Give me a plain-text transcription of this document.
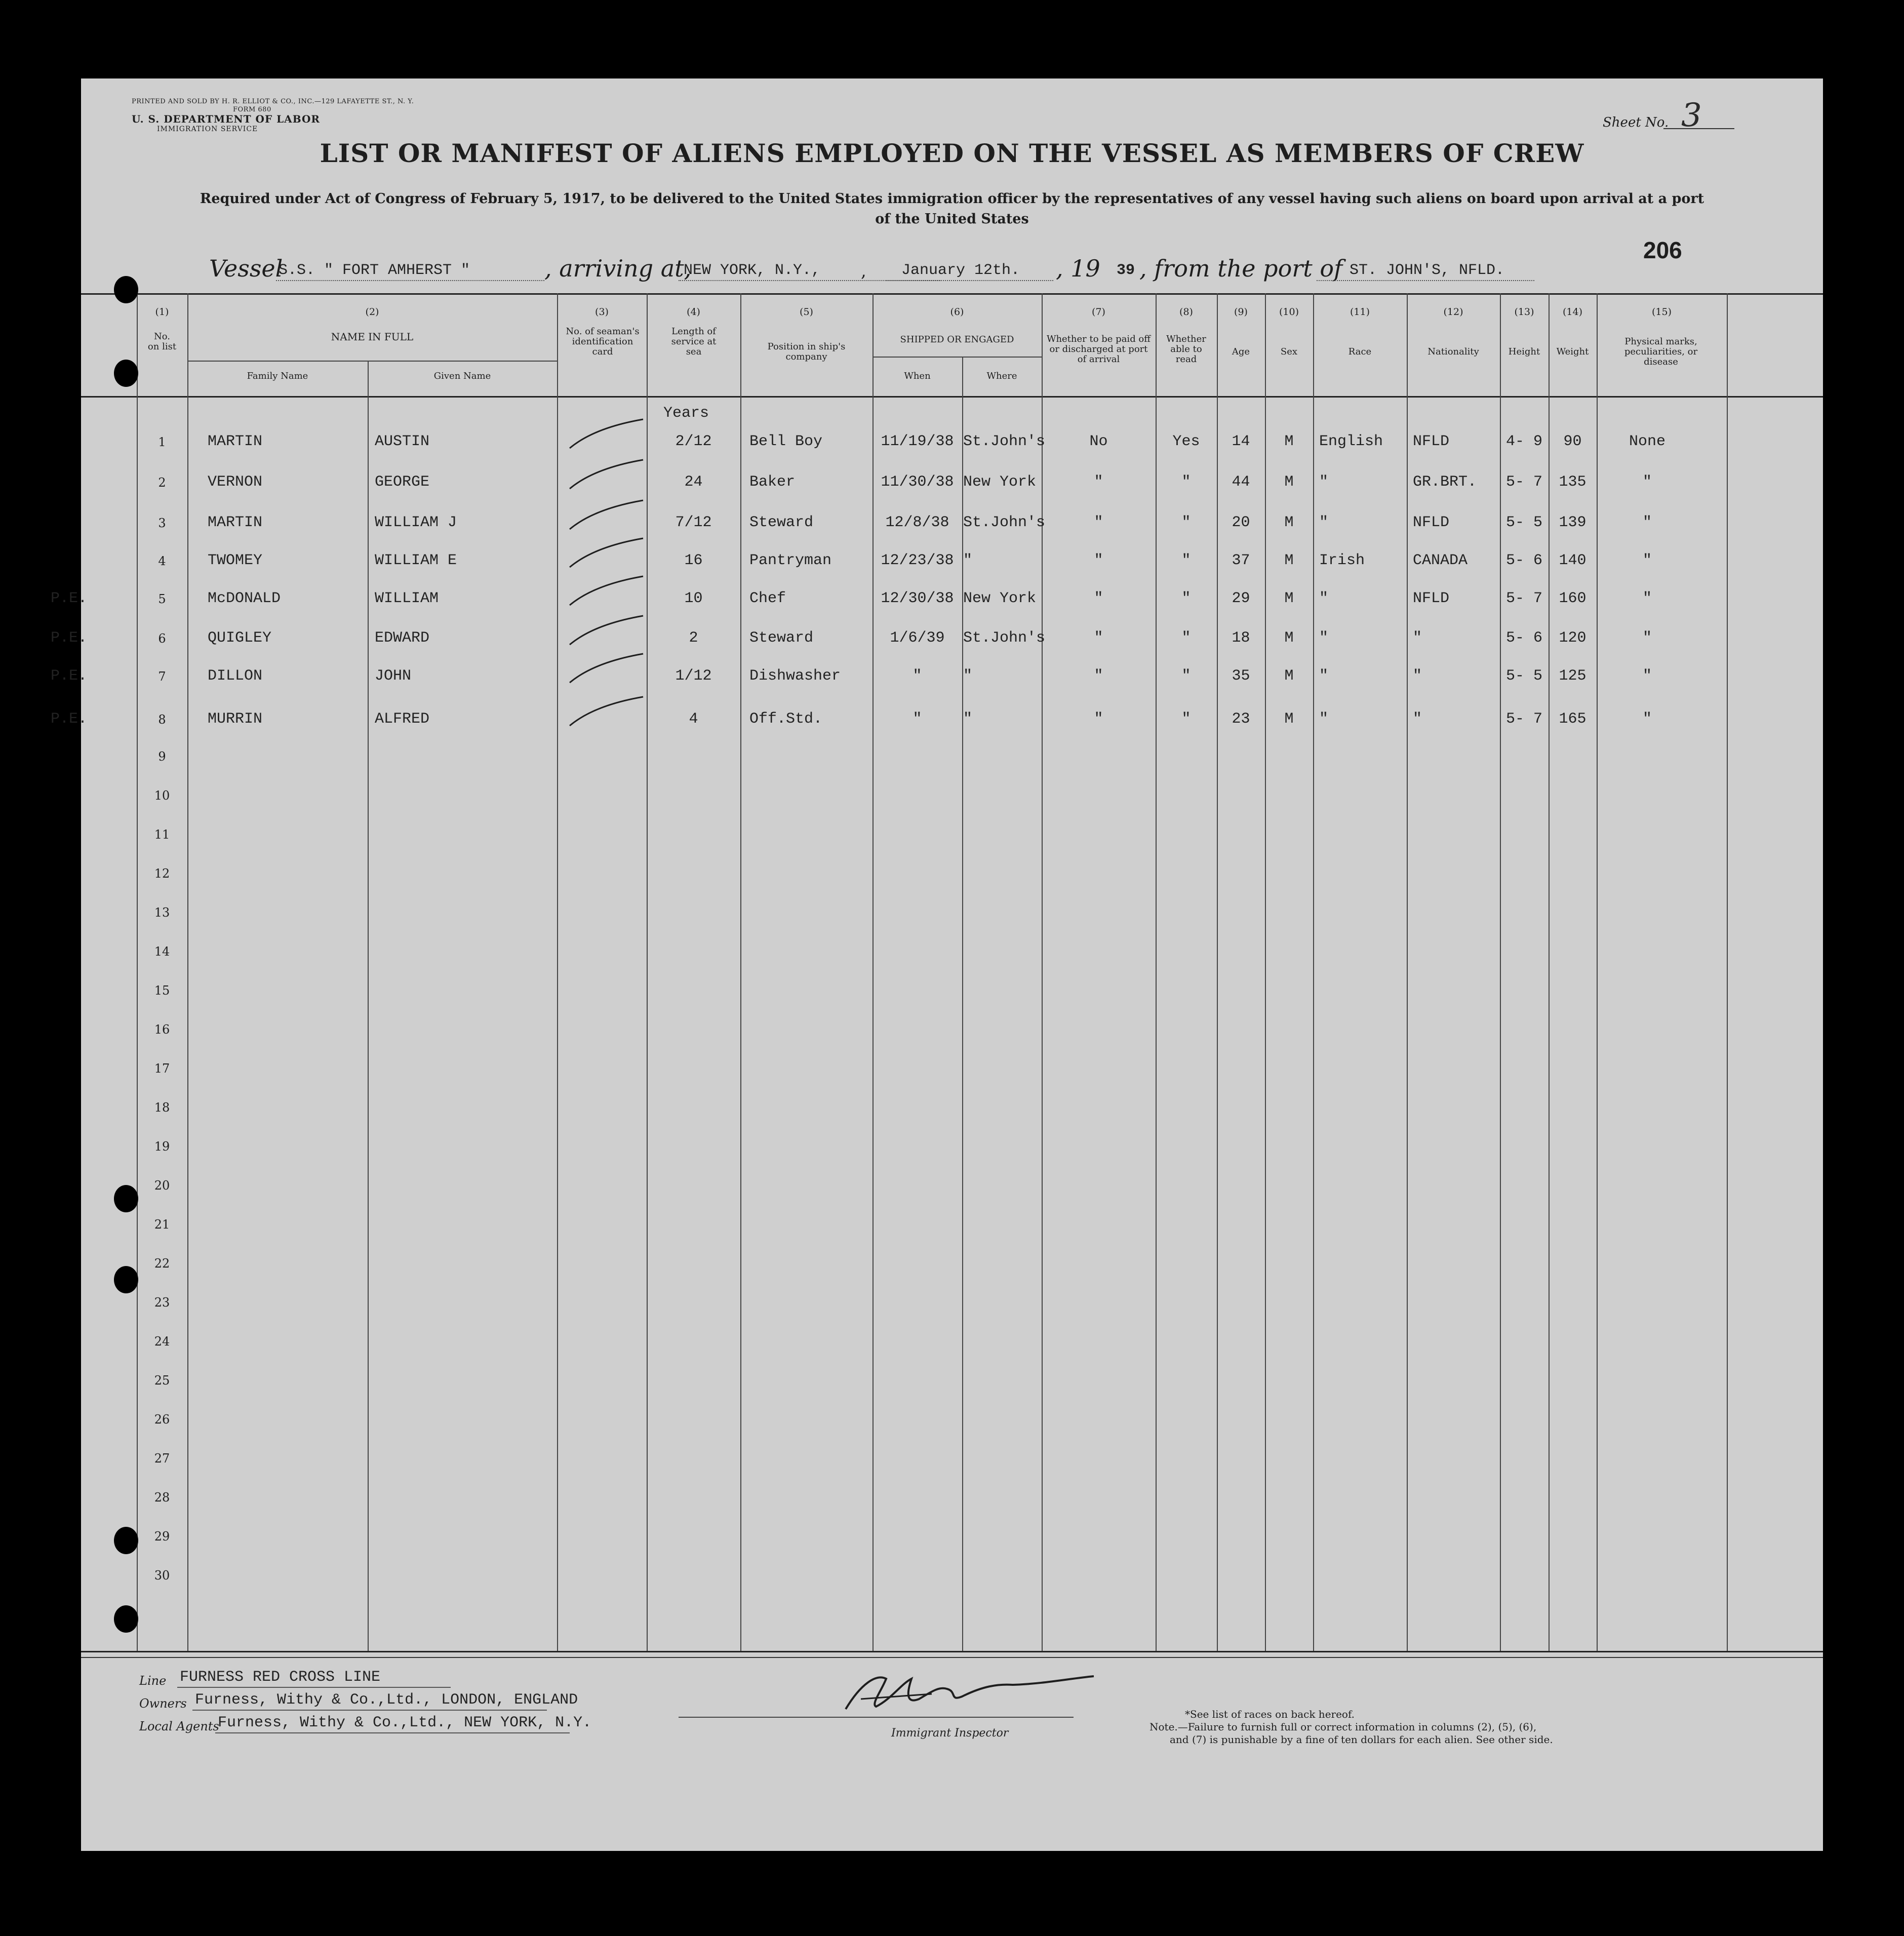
PRINTED AND SOLD BY H. R. ELLIOT & CO., INC.—129 LAFAYETTE ST., N. Y.
FORM 680
U. S. DEPARTMENT OF LABOR
IMMIGRATION SERVICE	Sheet No. 3
LIST OR MANIFEST OF ALIENS EMPLOYED ON THE VESSEL AS MEMBERS OF CREW
Required under Act of Congress of February 5, 1917, to be delivered to the United States immigration officer by the representatives of any vessel having such aliens on board upon arrival at a port
of the United States
206
Vessel
S.S. " FORT AMHERST "	, arriving at,
NEW YORK, N.Y., , January 12th. , 19 39 , from the port of ST. JOHN'S, NFLD.
(1)	(2)	(3)	(4)	(5)	(6)	(7)	(8)	(9)	(10)	(11)	(12)	(13)	(14)	(15)
No. on list
NAME IN FULL
Family Name	Given Name
No. of seaman's identification card
Length of service at sea	Position in ship's company
SHIPPED OR ENGAGED
When	Where
Whether to be paid off or discharged at port of arrival
Whether able to read
Age	Sex	Race	Nationality	Height	Weight
Physical marks, peculiarities, or disease
Years
1	MARTIN	AUSTIN	2/12	Bell Boy	11/19/38 St.John's	No	Yes	14	M	English	NFLD	4- 9	90	None
2	VERNON	GEORGE	24	Baker	11/30/38 New York	"	"	44	M	"	GR.BRT.	5- 7	135	"
3	MARTIN	WILLIAM J	7/12	Steward	12/8/38 St.John's	"	"	20	M	"	NFLD	5- 5	139	"
4	TWOMEY	WILLIAM E	16	Pantryman	12/23/38 "	"	"	37	M	Irish	CANADA	5- 6	140	"
P.E.	5	McDONALD	WILLIAM	10	Chef	12/30/38 New York	"	"	29	M	"	NFLD	5- 7	160	"
P.E.	6	QUIGLEY	EDWARD	2	Steward	1/6/39	St.John's	"	"	18	M	"	"	5- 6	120	"
P.E.	7	DILLON	JOHN	1/12	Dishwasher	"	"	"	"	35	M	"	"	5- 5	125	"
P.E.	8	MURRIN	ALFRED	4	Off.Std.	"	"	"	"	23	M	"	"	5- 7	165	"
9
10
11
12
13
14
15
16
17
18
19
20
21
22
23
24
25
26
27
28
29
30
Line FURNESS RED CROSS LINE
Owners Furness, Withy & Co.,Ltd., LONDON, ENGLAND
Local Agents
Furness, Withy & Co.,Ltd., NEW YORK, N.Y.
Immigrant Inspector
*See list of races on back hereof.
Note.—Failure to furnish full or correct information in columns (2), (5), (6),
and (7) is punishable by a fine of ten dollars for each alien. See other side.
